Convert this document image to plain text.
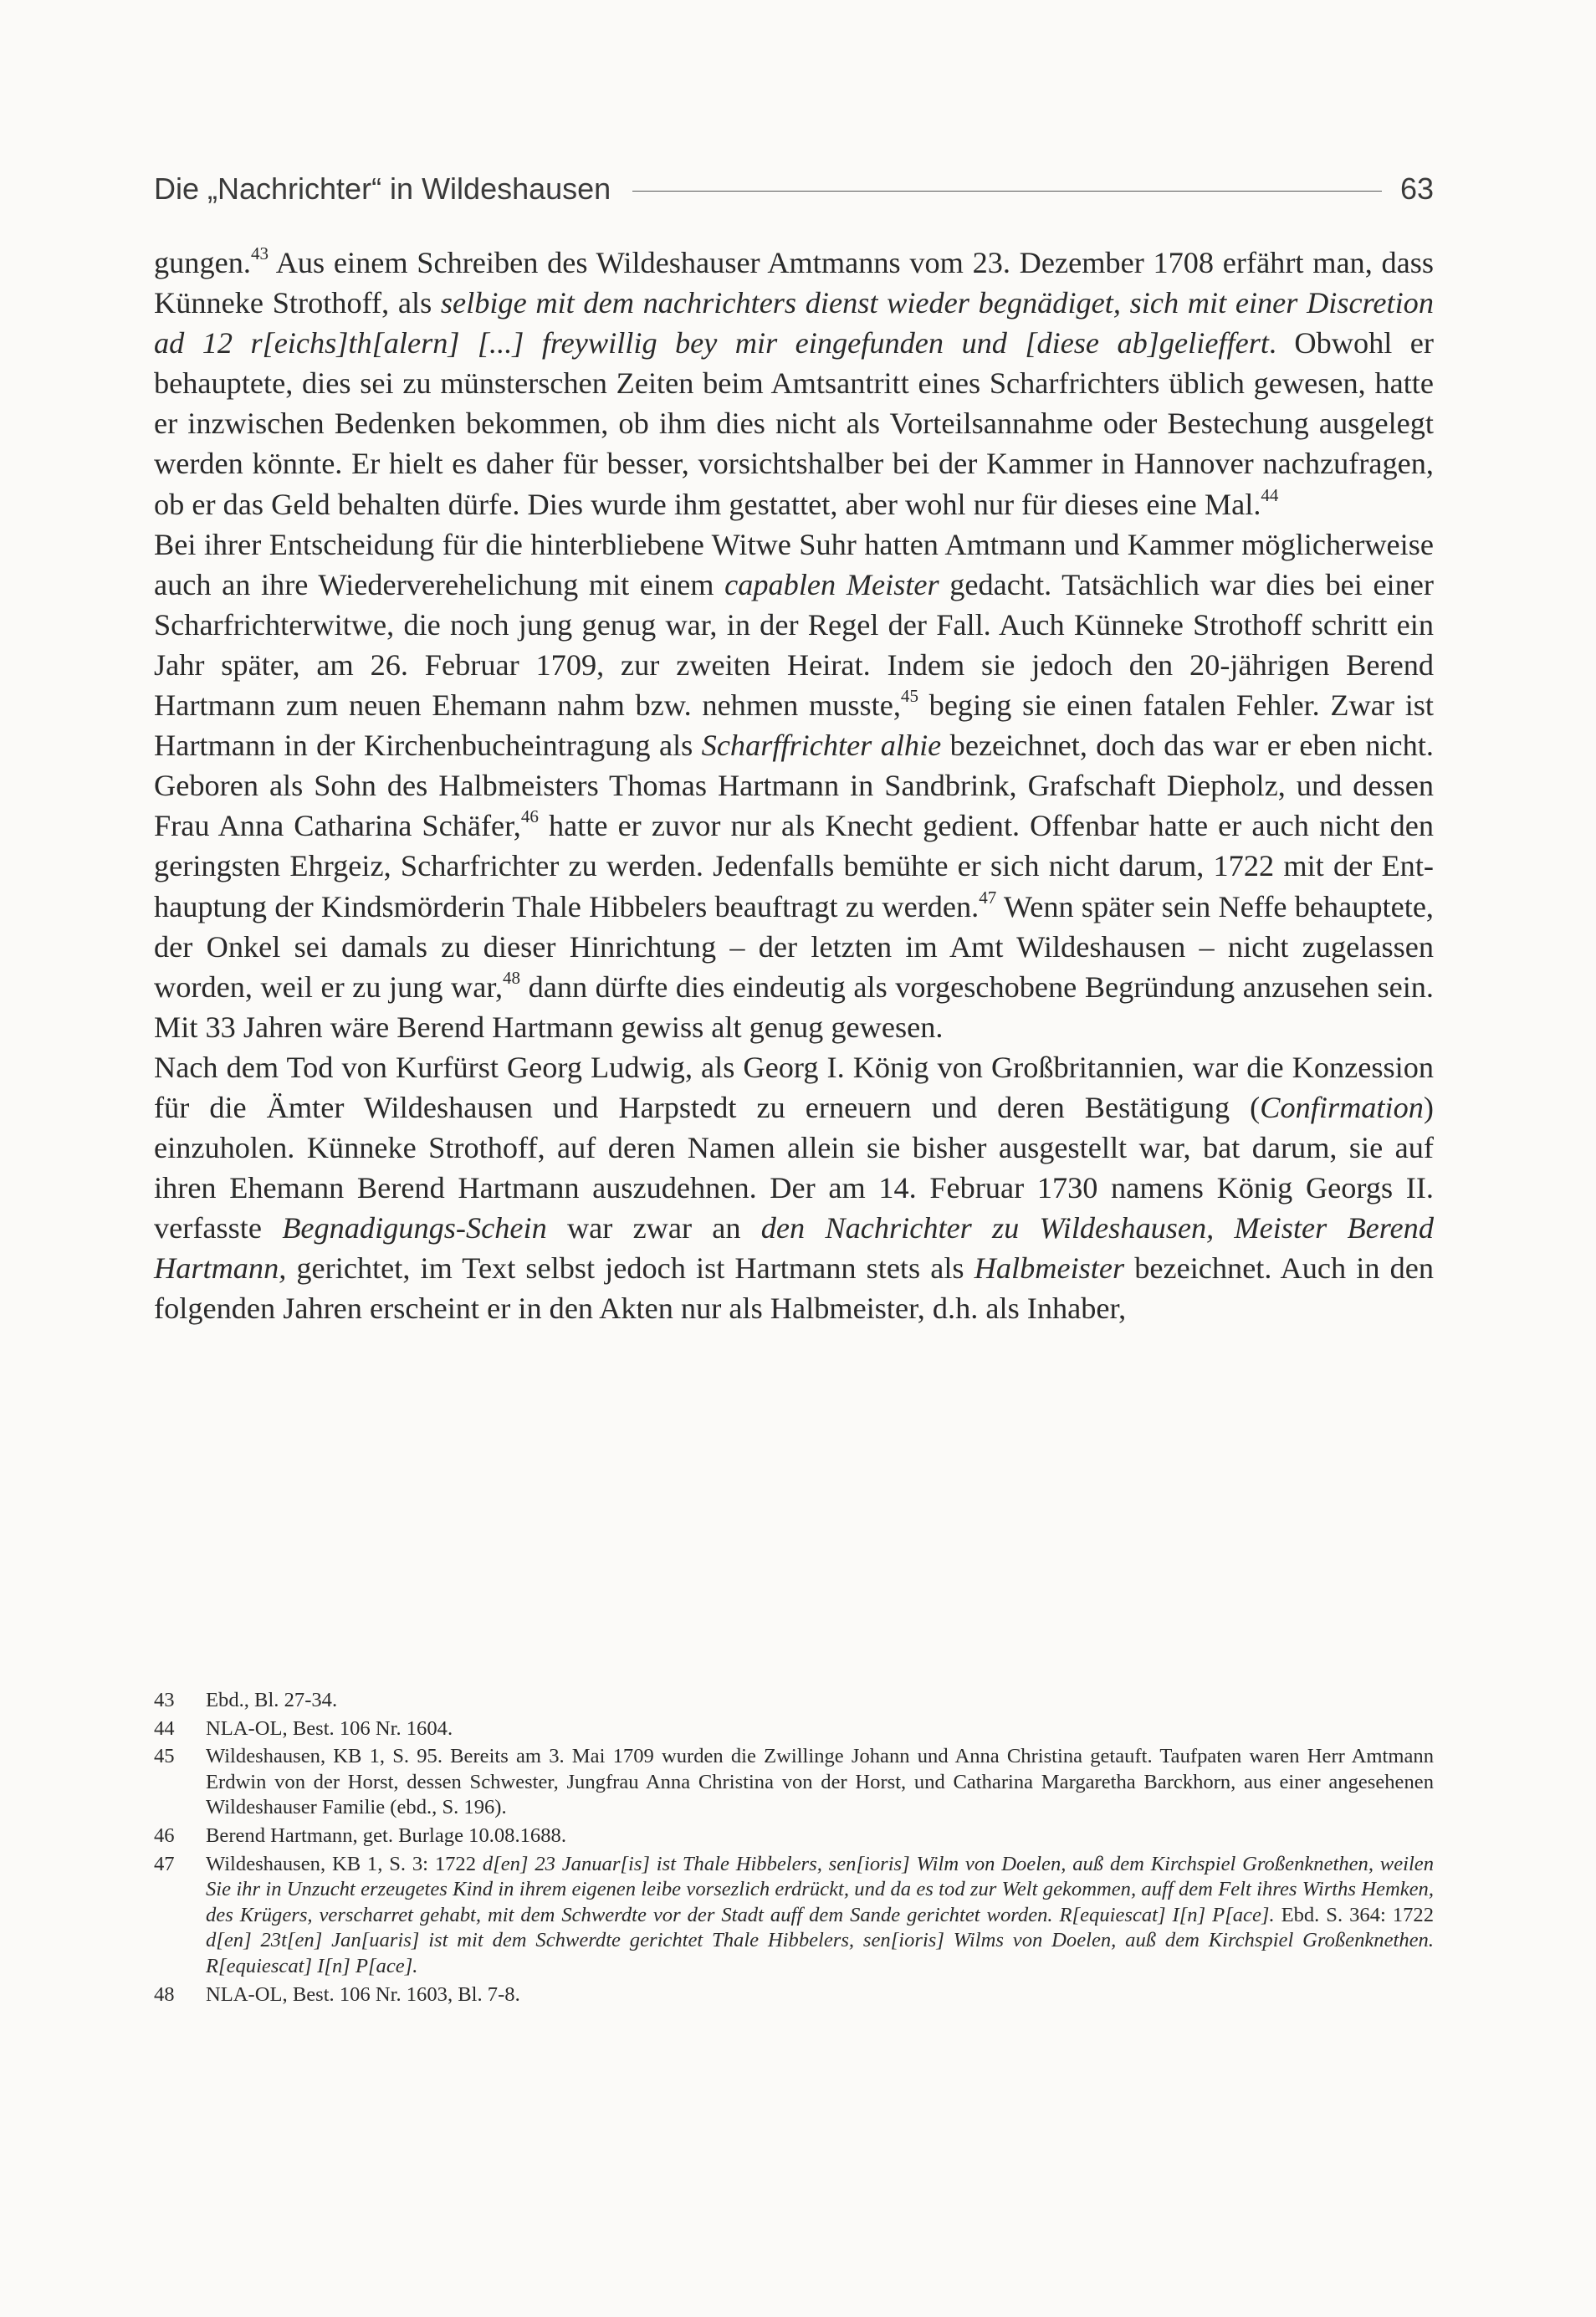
Die „Nachrichter“ in Wildeshausen	63

gungen.$^{43}$ Aus einem Schreiben des Wildeshauser Amtmanns vom 23. Dezember 1708 erfährt man, dass Künneke Strothoff, als selbige mit dem nachrichters dienst wieder begnädiget, sich mit einer Discretion ad 12 r[eichs]th[alern] [...] freywillig bey mir eingefunden und [diese ab]gelieffert. Obwohl er behauptete, dies sei zu münsterschen Zeiten beim Amtsantritt eines Scharfrichters üblich gewesen, hatte er inzwischen Bedenken bekommen, ob ihm dies nicht als Vorteilsannahme oder Bestechung ausgelegt werden könnte. Er hielt es daher für besser, vorsichtshalber bei der Kammer in Hannover nachzufragen, ob er das Geld behalten dürfe. Dies wurde ihm gestattet, aber wohl nur für dieses eine Mal.$^{44}$

Bei ihrer Entscheidung für die hinterbliebene Witwe Suhr hatten Amtmann und Kammer möglicherweise auch an ihre Wiederverehelichung mit einem capablen Meister gedacht. Tatsächlich war dies bei einer Scharfrichterwitwe, die noch jung genug war, in der Regel der Fall. Auch Künneke Strothoff schritt ein Jahr später, am 26. Februar 1709, zur zweiten Heirat. Indem sie jedoch den 20-jährigen Berend Hartmann zum neuen Ehemann nahm bzw. nehmen musste,$^{45}$ beging sie einen fatalen Fehler. Zwar ist Hartmann in der Kirchenbucheintragung als Scharffrichter alhie bezeichnet, doch das war er eben nicht. Geboren als Sohn des Halbmeisters Thomas Hartmann in Sandbrink, Grafschaft Diepholz, und dessen Frau Anna Catharina Schäfer,$^{46}$ hatte er zuvor nur als Knecht gedient. Offenbar hatte er auch nicht den geringsten Ehrgeiz, Scharfrichter zu werden. Jedenfalls bemühte er sich nicht darum, 1722 mit der Enthauptung der Kindsmörderin Thale Hibbelers beauftragt zu werden.$^{47}$ Wenn später sein Neffe behauptete, der Onkel sei damals zu dieser Hinrichtung – der letzten im Amt Wildeshausen – nicht zugelassen worden, weil er zu jung war,$^{48}$ dann dürfte dies eindeutig als vorgeschobene Begründung anzusehen sein. Mit 33 Jahren wäre Berend Hartmann gewiss alt genug gewesen.

Nach dem Tod von Kurfürst Georg Ludwig, als Georg I. König von Großbritannien, war die Konzession für die Ämter Wildeshausen und Harpstedt zu erneuern und deren Bestätigung (Confirmation) einzuholen. Künneke Strothoff, auf deren Namen allein sie bisher ausgestellt war, bat darum, sie auf ihren Ehemann Berend Hartmann auszudehnen. Der am 14. Februar 1730 namens König Georgs II. verfasste Begnadigungs-Schein war zwar an den Nachrichter zu Wildeshausen, Meister Berend Hartmann, gerichtet, im Text selbst jedoch ist Hartmann stets als Halbmeister bezeichnet. Auch in den folgenden Jahren erscheint er in den Akten nur als Halbmeister, d.h. als Inhaber,

43	Ebd., Bl. 27-34.
44	NLA-OL, Best. 106 Nr. 1604.
45	Wildeshausen, KB 1, S. 95. Bereits am 3. Mai 1709 wurden die Zwillinge Johann und Anna Christina getauft. Taufpaten waren Herr Amtmann Erdwin von der Horst, dessen Schwester, Jungfrau Anna Christina von der Horst, und Catharina Margaretha Barckhorn, aus einer angesehenen Wildeshauser Familie (ebd., S. 196).
46	Berend Hartmann, get. Burlage 10.08.1688.
47	Wildeshausen, KB 1, S. 3: 1722 d[en] 23 Januar[is] ist Thale Hibbelers, sen[ioris] Wilm von Doelen, auß dem Kirchspiel Großenknethen, weilen Sie ihr in Unzucht erzeugetes Kind in ihrem eigenen leibe vorsezlich erdrückt, und da es tod zur Welt gekommen, auff dem Felt ihres Wirths Hemken, des Krügers, verscharret gehabt, mit dem Schwerdte vor der Stadt auff dem Sande gerichtet worden. R[equiescat] I[n] P[ace]. Ebd. S. 364: 1722 d[en] 23t[en] Jan[uaris] ist mit dem Schwerdte gerichtet Thale Hibbelers, sen[ioris] Wilms von Doelen, auß dem Kirchspiel Großenknethen. R[equiescat] I[n] P[ace].
48	NLA-OL, Best. 106 Nr. 1603, Bl. 7-8.
